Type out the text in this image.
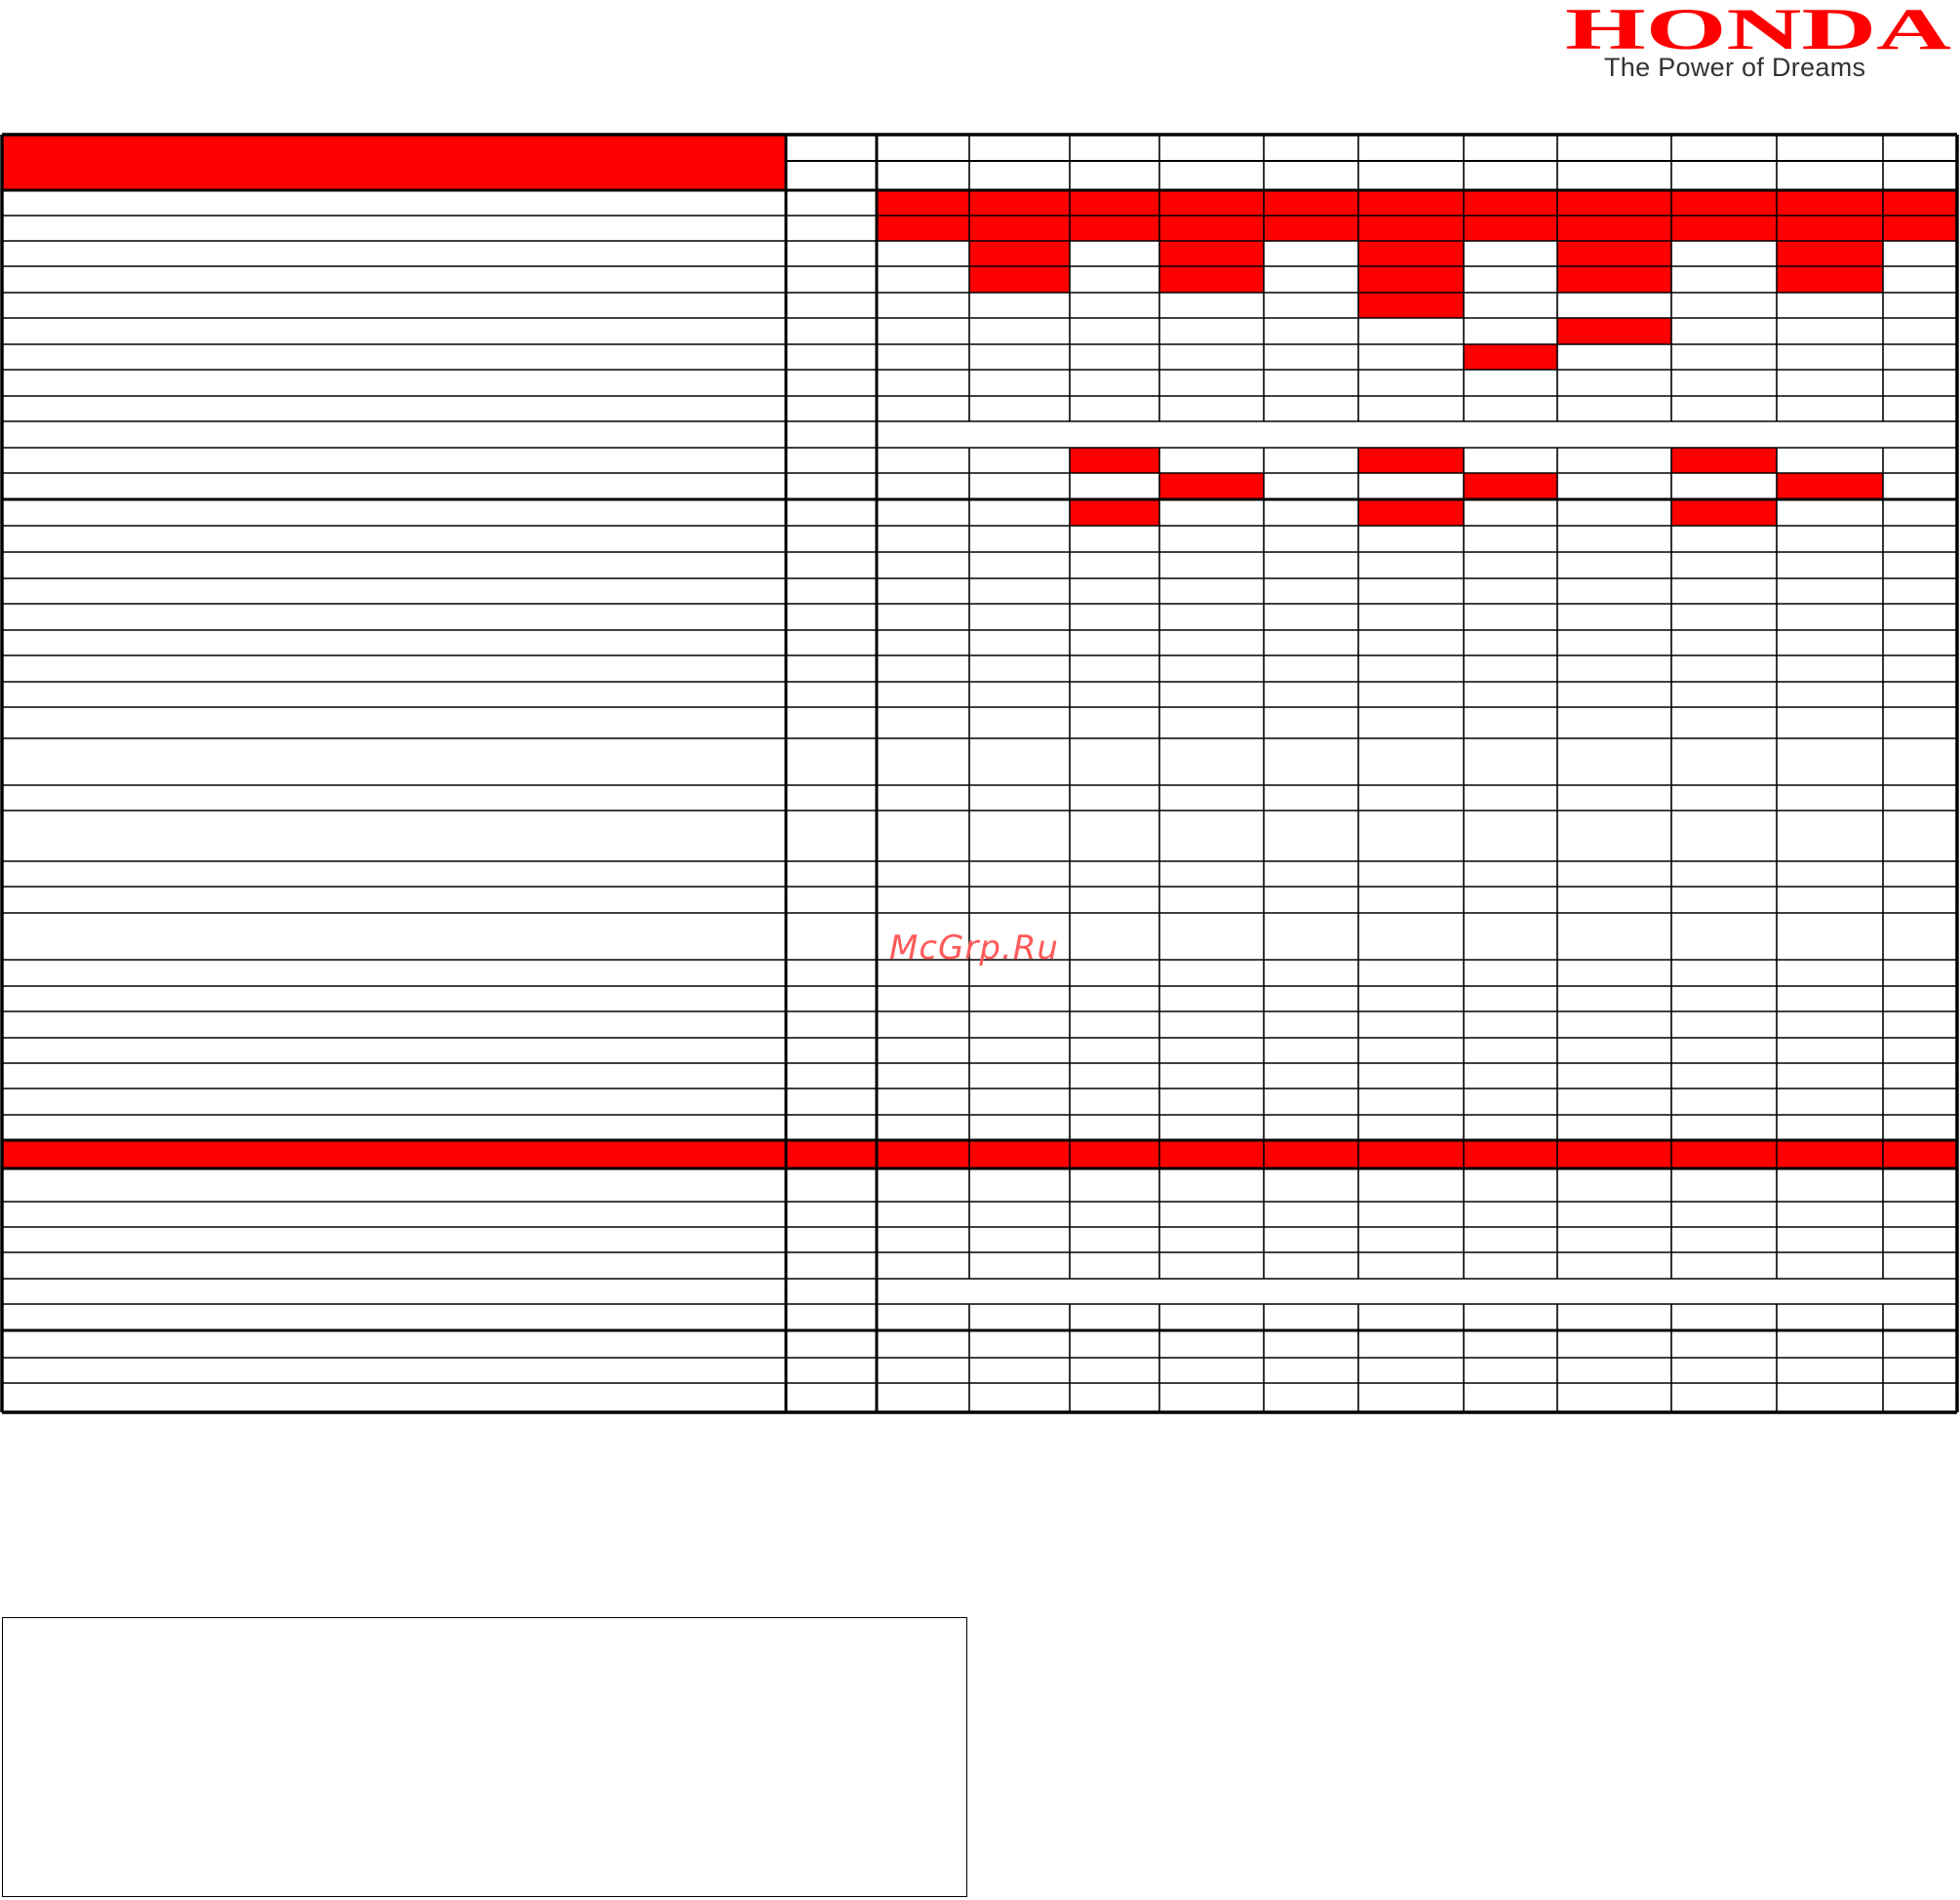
HONDA
The Power of Dreams
McGrp.Ru
